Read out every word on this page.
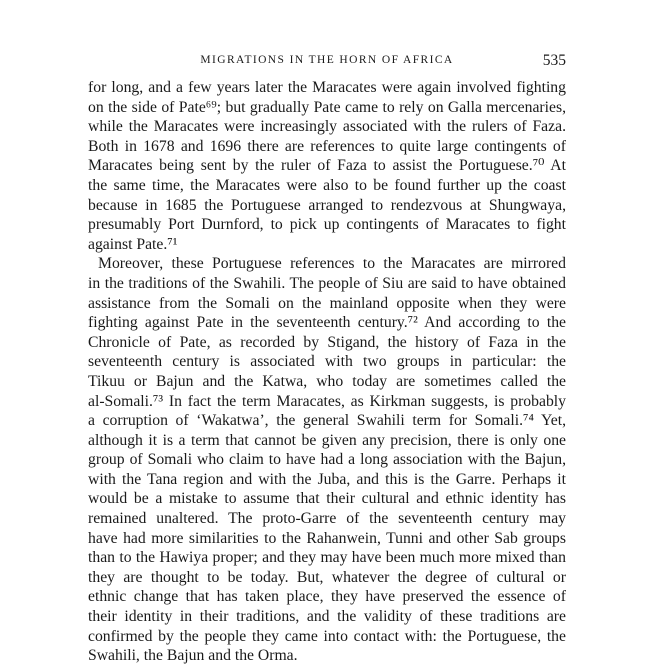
MIGRATIONS IN THE HORN OF AFRICA	535
for long, and a few years later the Maracates were again involved fighting
on the side of Pate⁶⁹; but gradually Pate came to rely on Galla mercenaries,
while the Maracates were increasingly associated with the rulers of Faza.
Both in 1678 and 1696 there are references to quite large contingents of
Maracates being sent by the ruler of Faza to assist the Portuguese.⁷⁰ At
the same time, the Maracates were also to be found further up the coast
because in 1685 the Portuguese arranged to rendezvous at Shungwaya,
presumably Port Durnford, to pick up contingents of Maracates to fight
against Pate.⁷¹
Moreover, these Portuguese references to the Maracates are mirrored
in the traditions of the Swahili. The people of Siu are said to have obtained
assistance from the Somali on the mainland opposite when they were
fighting against Pate in the seventeenth century.⁷² And according to the
Chronicle of Pate, as recorded by Stigand, the history of Faza in the
seventeenth century is associated with two groups in particular: the
Tikuu or Bajun and the Katwa, who today are sometimes called the
al-Somali.⁷³ In fact the term Maracates, as Kirkman suggests, is probably
a corruption of ‘Wakatwa’, the general Swahili term for Somali.⁷⁴ Yet,
although it is a term that cannot be given any precision, there is only one
group of Somali who claim to have had a long association with the Bajun,
with the Tana region and with the Juba, and this is the Garre. Perhaps it
would be a mistake to assume that their cultural and ethnic identity has
remained unaltered. The proto-Garre of the seventeenth century may
have had more similarities to the Rahanwein, Tunni and other Sab groups
than to the Hawiya proper; and they may have been much more mixed than
they are thought to be today. But, whatever the degree of cultural or
ethnic change that has taken place, they have preserved the essence of
their identity in their traditions, and the validity of these traditions are
confirmed by the people they came into contact with: the Portuguese, the
Swahili, the Bajun and the Orma.
